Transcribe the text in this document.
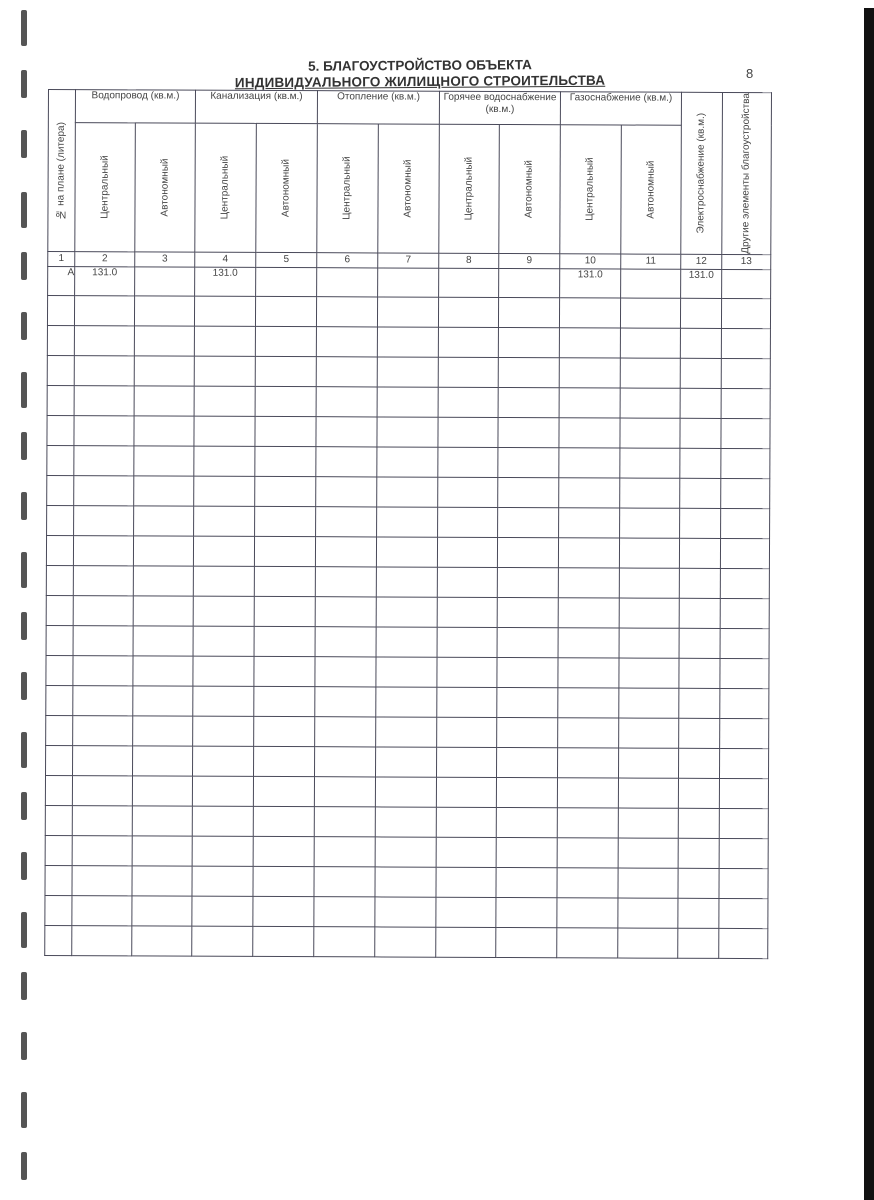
8
5. БЛАГОУСТРОЙСТВО ОБЪЕКТА

ИНДИВИДУАЛЬНОГО ЖИЛИЩНОГО СТРОИТЕЛЬСТВА
№ на плане (литера)	Водопровод (кв.м.)		Канализация (кв.м.)		Отопление (кв.м.)		Горячее водоснабжение (кв.м.)		Газоснабжение (кв.м.)		Электроснабжение (кв.м.)	Другие элементы благоустройства

	Центральный	Автономный	Центральный	Автономный	Центральный	Автономный	Центральный	Автономный	Центральный	Автономный		

1	2	3	4	5	6	7	8	9	10	11	12	13
А	131.0		131.0						131.0		131.0	
